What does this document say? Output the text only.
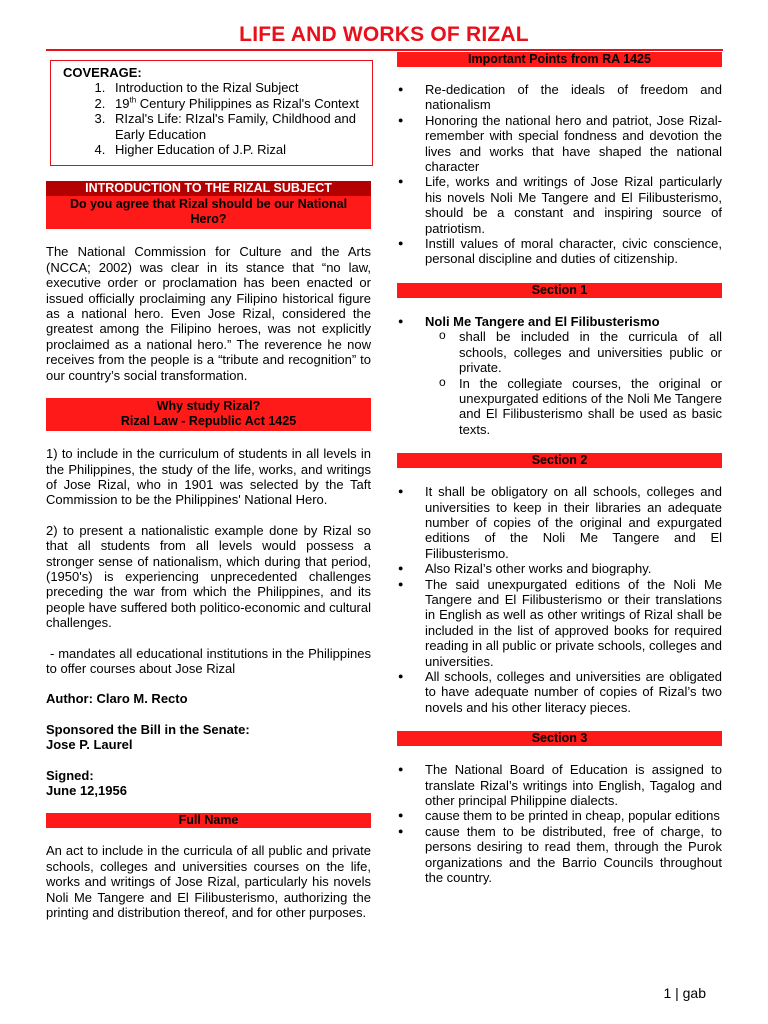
LIFE AND WORKS OF RIZAL
COVERAGE:
1. Introduction to the Rizal Subject
2. 19th Century Philippines as Rizal's Context
3. RIzal's Life: RIzal's Family, Childhood and Early Education
4. Higher Education of J.P. Rizal
INTRODUCTION TO THE RIZAL SUBJECT
Do you agree that Rizal should be our National Hero?

The National Commission for Culture and the Arts (NCCA; 2002) was clear in its stance that “no law, executive order or proclamation has been enacted or issued officially proclaiming any Filipino historical figure as a national hero. Even Jose Rizal, considered the greatest among the Filipino heroes, was not explicitly proclaimed as a national hero.” The reverence he now receives from the people is a “tribute and recognition” to our country’s social transformation.

Why study Rizal?
Rizal Law - Republic Act 1425

1) to include in the curriculum of students in all levels in the Philippines, the study of the life, works, and writings of Jose Rizal, who in 1901 was selected by the Taft Commission to be the Philippines' National Hero.

2) to present a nationalistic example done by Rizal so that all students from all levels would possess a stronger sense of nationalism, which during that period, (1950's) is experiencing unprecedented challenges preceding the war from which the Philippines, and its people have suffered both politico-economic and cultural challenges.

- mandates all educational institutions in the Philippines to offer courses about Jose Rizal

Author: Claro M. Recto
Sponsored the Bill in the Senate:
Jose P. Laurel
Signed:
June 12,1956
Full Name

An act to include in the curricula of all public and private schools, colleges and universities courses on the life, works and writings of Jose Rizal, particularly his novels Noli Me Tangere and El Filibusterismo, authorizing the printing and distribution thereof, and for other purposes.

Important Points from RA 1425
● Re-dedication of the ideals of freedom and nationalism
● Honoring the national hero and patriot, Jose Rizal-remember with special fondness and devotion the lives and works that have shaped the national character
● Life, works and writings of Jose Rizal particularly his novels Noli Me Tangere and El Filibusterismo, should be a constant and inspiring source of patriotism.
● Instill values of moral character, civic conscience, personal discipline and duties of citizenship.
Section 1
● Noli Me Tangere and El Filibusterismo
o shall be included in the curricula of all schools, colleges and universities public or private.
o In the collegiate courses, the original or unexpurgated editions of the Noli Me Tangere and El Filibusterismo shall be used as basic texts.
Section 2
● It shall be obligatory on all schools, colleges and universities to keep in their libraries an adequate number of copies of the original and expurgated editions of the Noli Me Tangere and El Filibusterismo.
● Also Rizal’s other works and biography.
● The said unexpurgated editions of the Noli Me Tangere and El Filibusterismo or their translations in English as well as other writings of Rizal shall be included in the list of approved books for required reading in all public or private schools, colleges and universities.
● All schools, colleges and universities are obligated to have adequate number of copies of Rizal’s two novels and his other literacy pieces.
Section 3
● The National Board of Education is assigned to translate Rizal’s writings into English, Tagalog and other principal Philippine dialects.
● cause them to be printed in cheap, popular editions
● cause them to be distributed, free of charge, to persons desiring to read them, through the Purok organizations and the Barrio Councils throughout the country.
1 | gab
